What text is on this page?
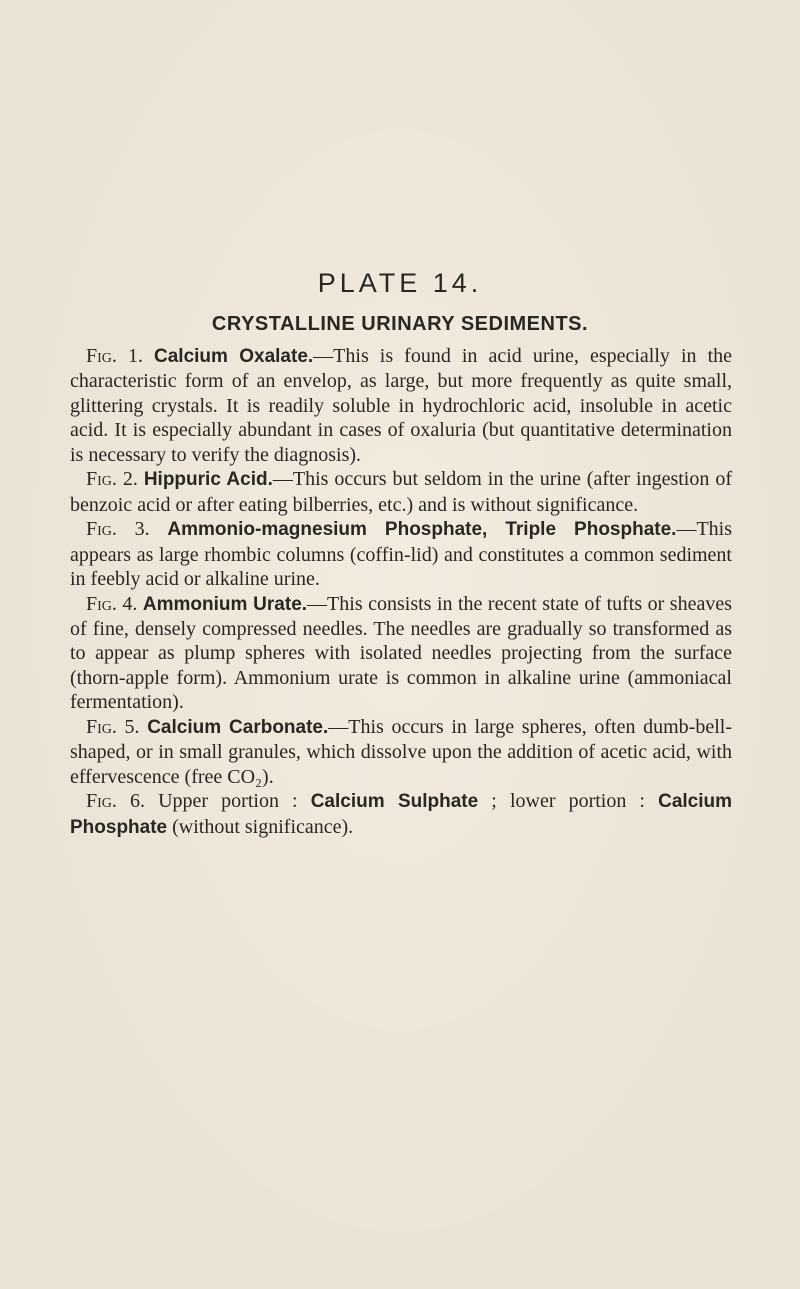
PLATE 14.
CRYSTALLINE URINARY SEDIMENTS.

Fig. 1. Calcium Oxalate.—This is found in acid urine, especially in the characteristic form of an envelop, as large, but more frequently as quite small, glittering crystals. It is readily soluble in hydrochloric acid, insoluble in acetic acid. It is especially abundant in cases of oxaluria (but quantitative determination is necessary to verify the diagnosis).

Fig. 2. Hippuric Acid.—This occurs but seldom in the urine (after ingestion of benzoic acid or after eating bilberries, etc.) and is without significance.

Fig. 3. Ammonio-magnesium Phosphate, Triple Phosphate.—This appears as large rhombic columns (coffin-lid) and constitutes a common sediment in feebly acid or alkaline urine.

Fig. 4. Ammonium Urate.—This consists in the recent state of tufts or sheaves of fine, densely compressed needles. The needles are gradually so transformed as to appear as plump spheres with isolated needles projecting from the surface (thorn-apple form). Ammonium urate is common in alkaline urine (ammoniacal fermentation).

Fig. 5. Calcium Carbonate.—This occurs in large spheres, often dumb-bell-shaped, or in small granules, which dissolve upon the addition of acetic acid, with effervescence (free CO₂).

Fig. 6. Upper portion : Calcium Sulphate ; lower portion : Calcium Phosphate (without significance).
